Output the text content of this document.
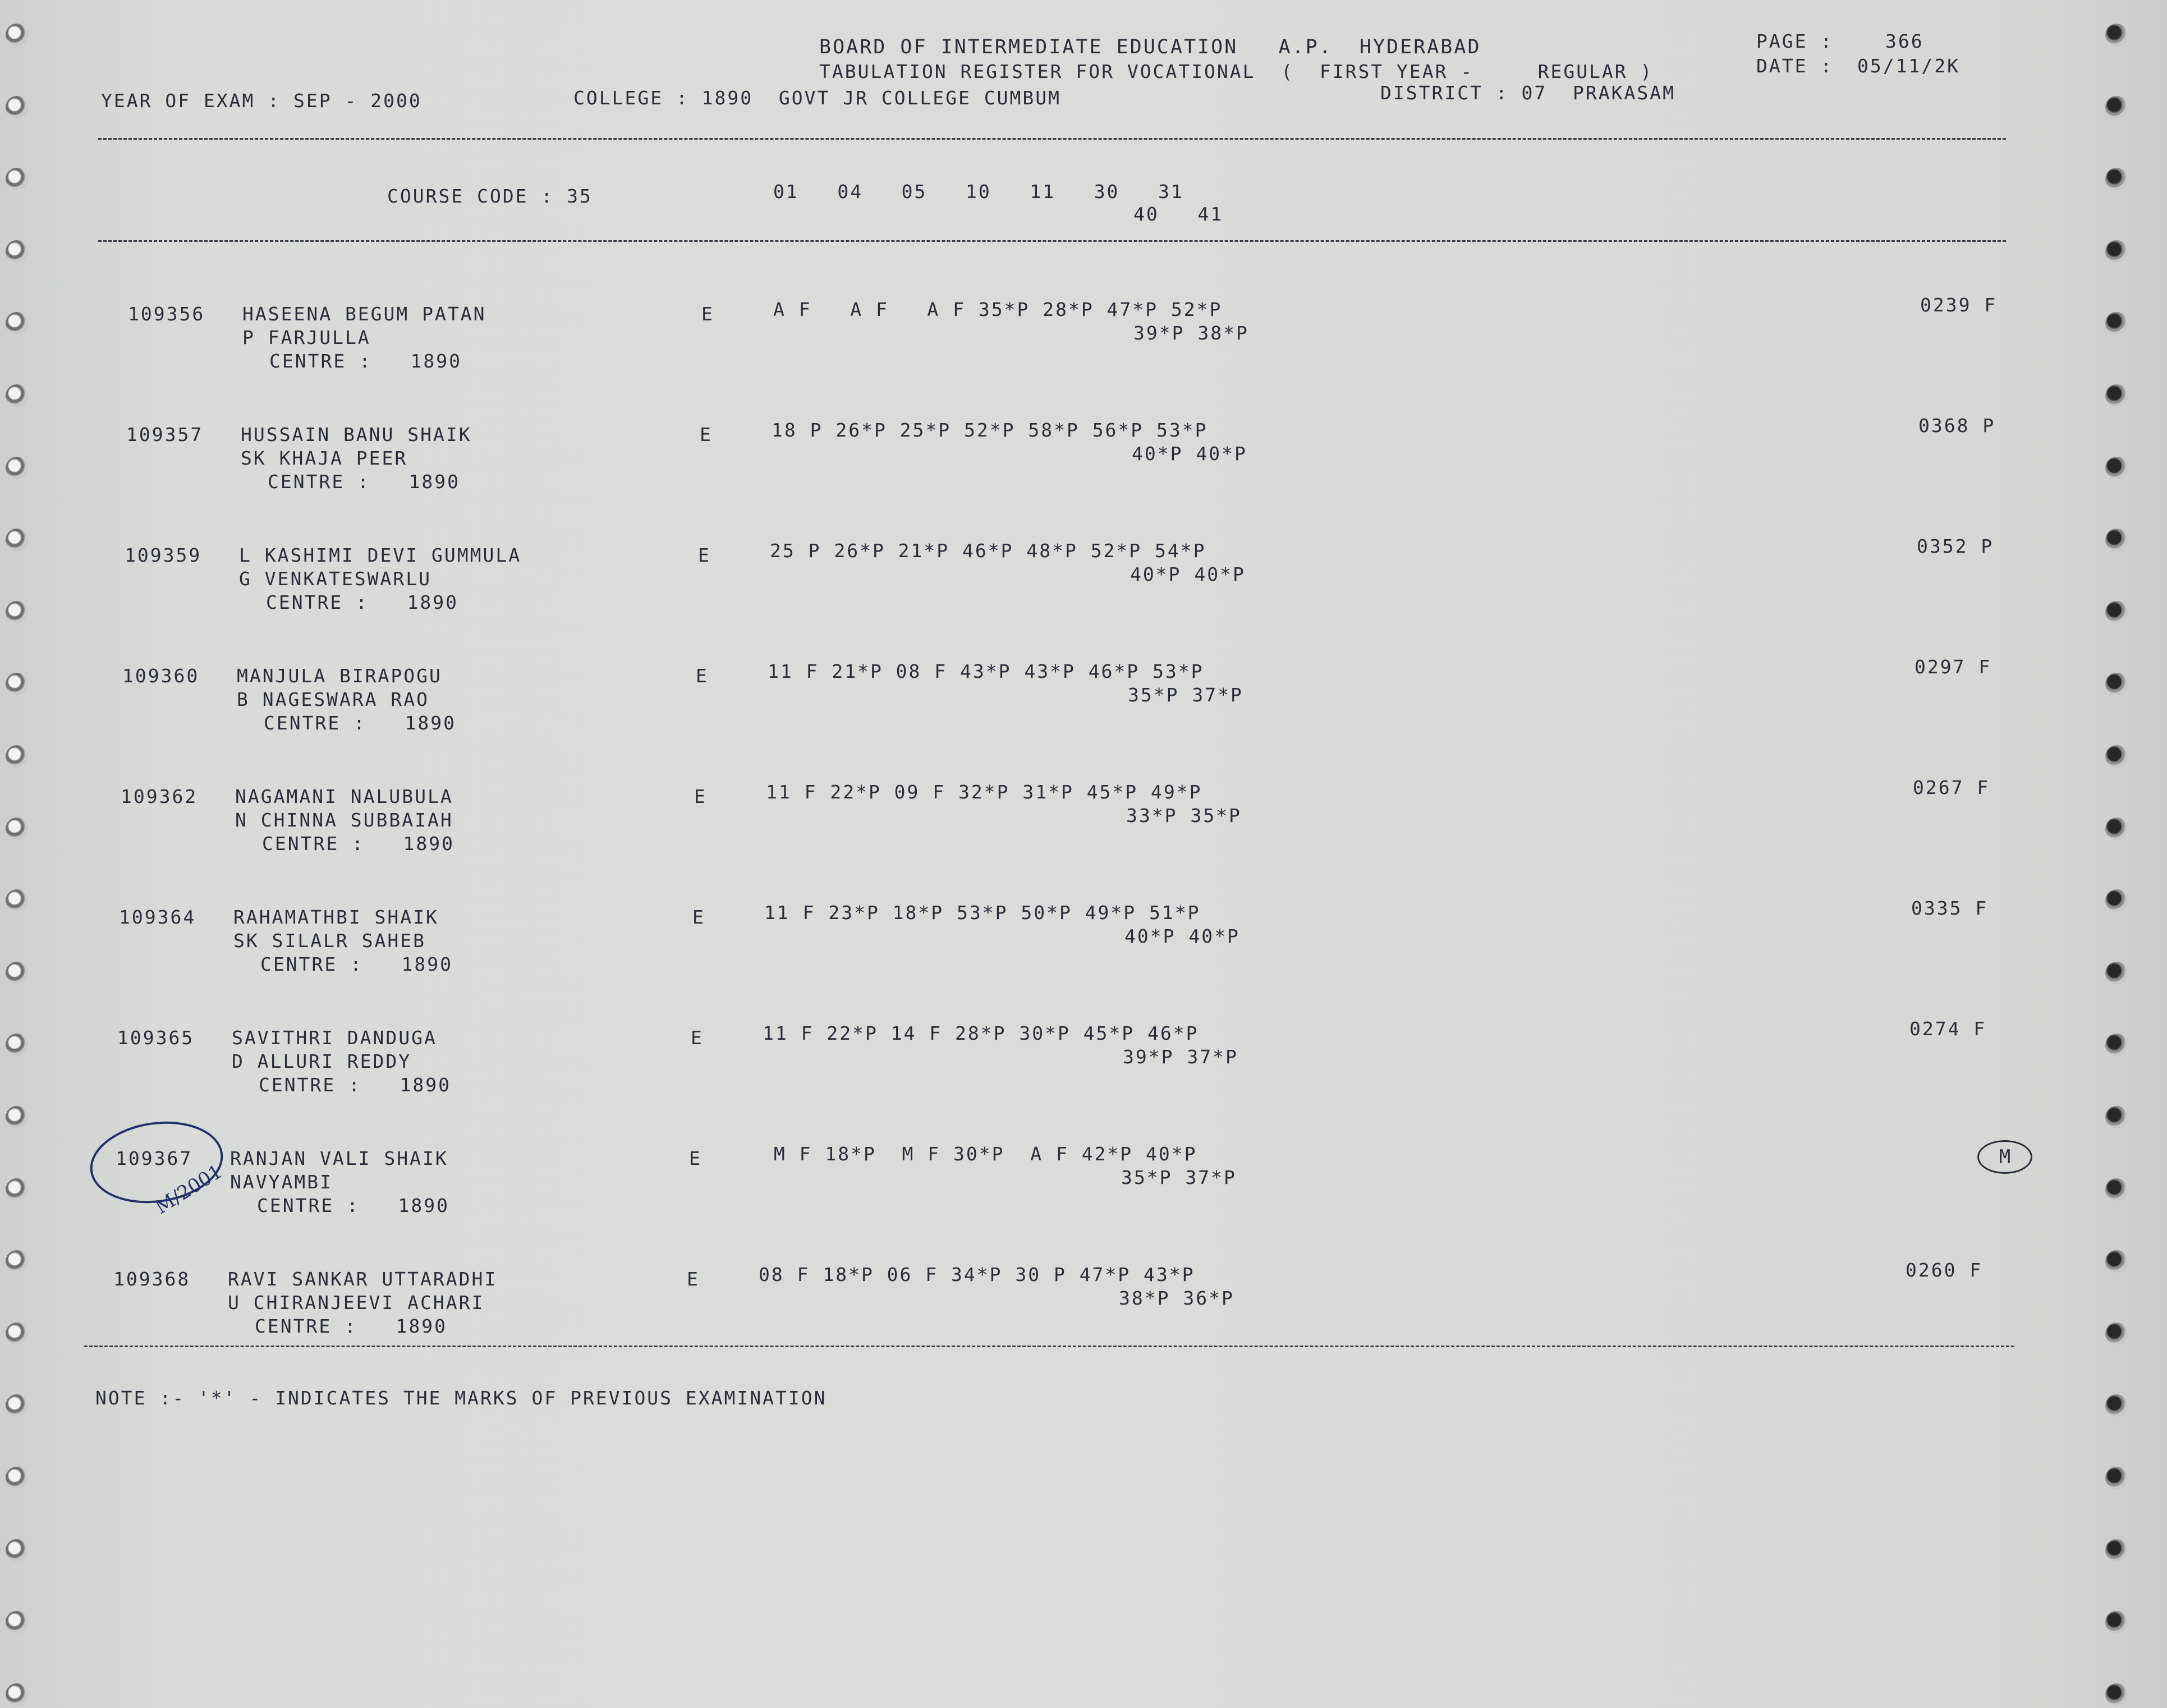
BOARD OF INTERMEDIATE EDUCATION   A.P.  HYDERABAD	PAGE :	366
TABULATION REGISTER FOR VOCATIONAL  (  FIRST YEAR -     REGULAR )	DATE : 05/11/2K
DISTRICT : 07  PRAKASAM
YEAR OF EXAM : SEP - 2000	COLLEGE : 1890  GOVT JR COLLEGE CUMBUM
COURSE CODE : 35	01   04   05   10   11   30   31
40   41
109356 HASEENA BEGUM PATAN	E	A F   A F   A F 35*P 28*P 47*P 52*P	0239 F
P FARJULLA	39*P 38*P
CENTRE :   1890
109357 HUSSAIN BANU SHAIK	E	18 P 26*P 25*P 52*P 58*P 56*P 53*P	0368 P
SK KHAJA PEER	40*P 40*P
CENTRE :   1890
109359 L KASHIMI DEVI GUMMULA	E	25 P 26*P 21*P 46*P 48*P 52*P 54*P	0352 P
G VENKATESWARLU	40*P 40*P
CENTRE :   1890
109360 MANJULA BIRAPOGU	E	11 F 21*P 08 F 43*P 43*P 46*P 53*P	0297 F
B NAGESWARA RAO	35*P 37*P
CENTRE :   1890
109362 NAGAMANI NALUBULA	E	11 F 22*P 09 F 32*P 31*P 45*P 49*P	0267 F
N CHINNA SUBBAIAH	33*P 35*P
CENTRE :   1890
109364 RAHAMATHBI SHAIK	E	11 F 23*P 18*P 53*P 50*P 49*P 51*P	0335 F
SK SILALR SAHEB	40*P 40*P
CENTRE :   1890
109365 SAVITHRI DANDUGA	E	11 F 22*P 14 F 28*P 30*P 45*P 46*P	0274 F
D ALLURI REDDY	39*P 37*P
CENTRE :   1890
109367 RANJAN VALI SHAIK	E	M F 18*P  M F 30*P  A F 42*P 40*P
NAVYAMBI	35*P 37*P
CENTRE :   1890
109368 RAVI SANKAR UTTARADHI	E	08 F 18*P 06 F 34*P 30 P 47*P 43*P	0260 F
U CHIRANJEEVI ACHARI	38*P 36*P
CENTRE :   1890
NOTE :- '*' - INDICATES THE MARKS OF PREVIOUS EXAMINATION
M/2001
M
